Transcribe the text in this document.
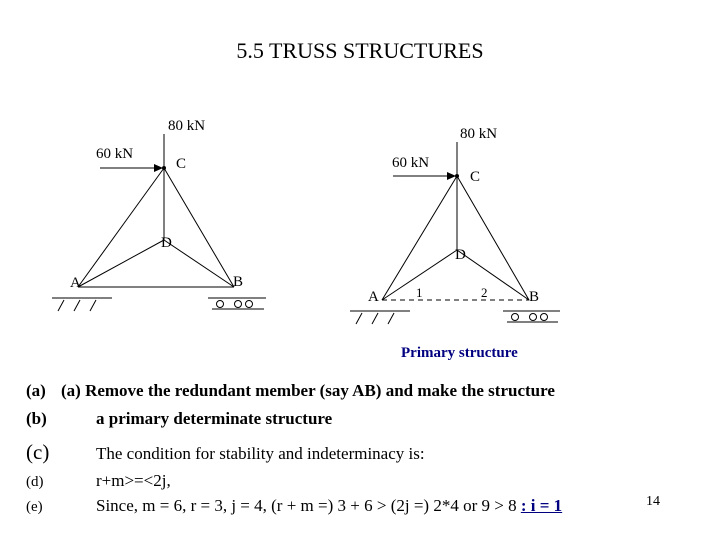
5.5 TRUSS STRUCTURES
80 kN
60 kN
C
D
A	B
80 kN
60 kN
C
D
A	B
1	2
Primary structure
(a) (a) Remove the redundant member (say AB) and make the structure
(b)	a primary determinate structure
(c)	The condition for stability and indeterminacy is:
(d)	r+m>=<2j,
(e)	Since, m = 6, r = 3, j = 4, (r + m =) 3 + 6 > (2j =) 2*4 or 9 > 8 : i = 1	14
